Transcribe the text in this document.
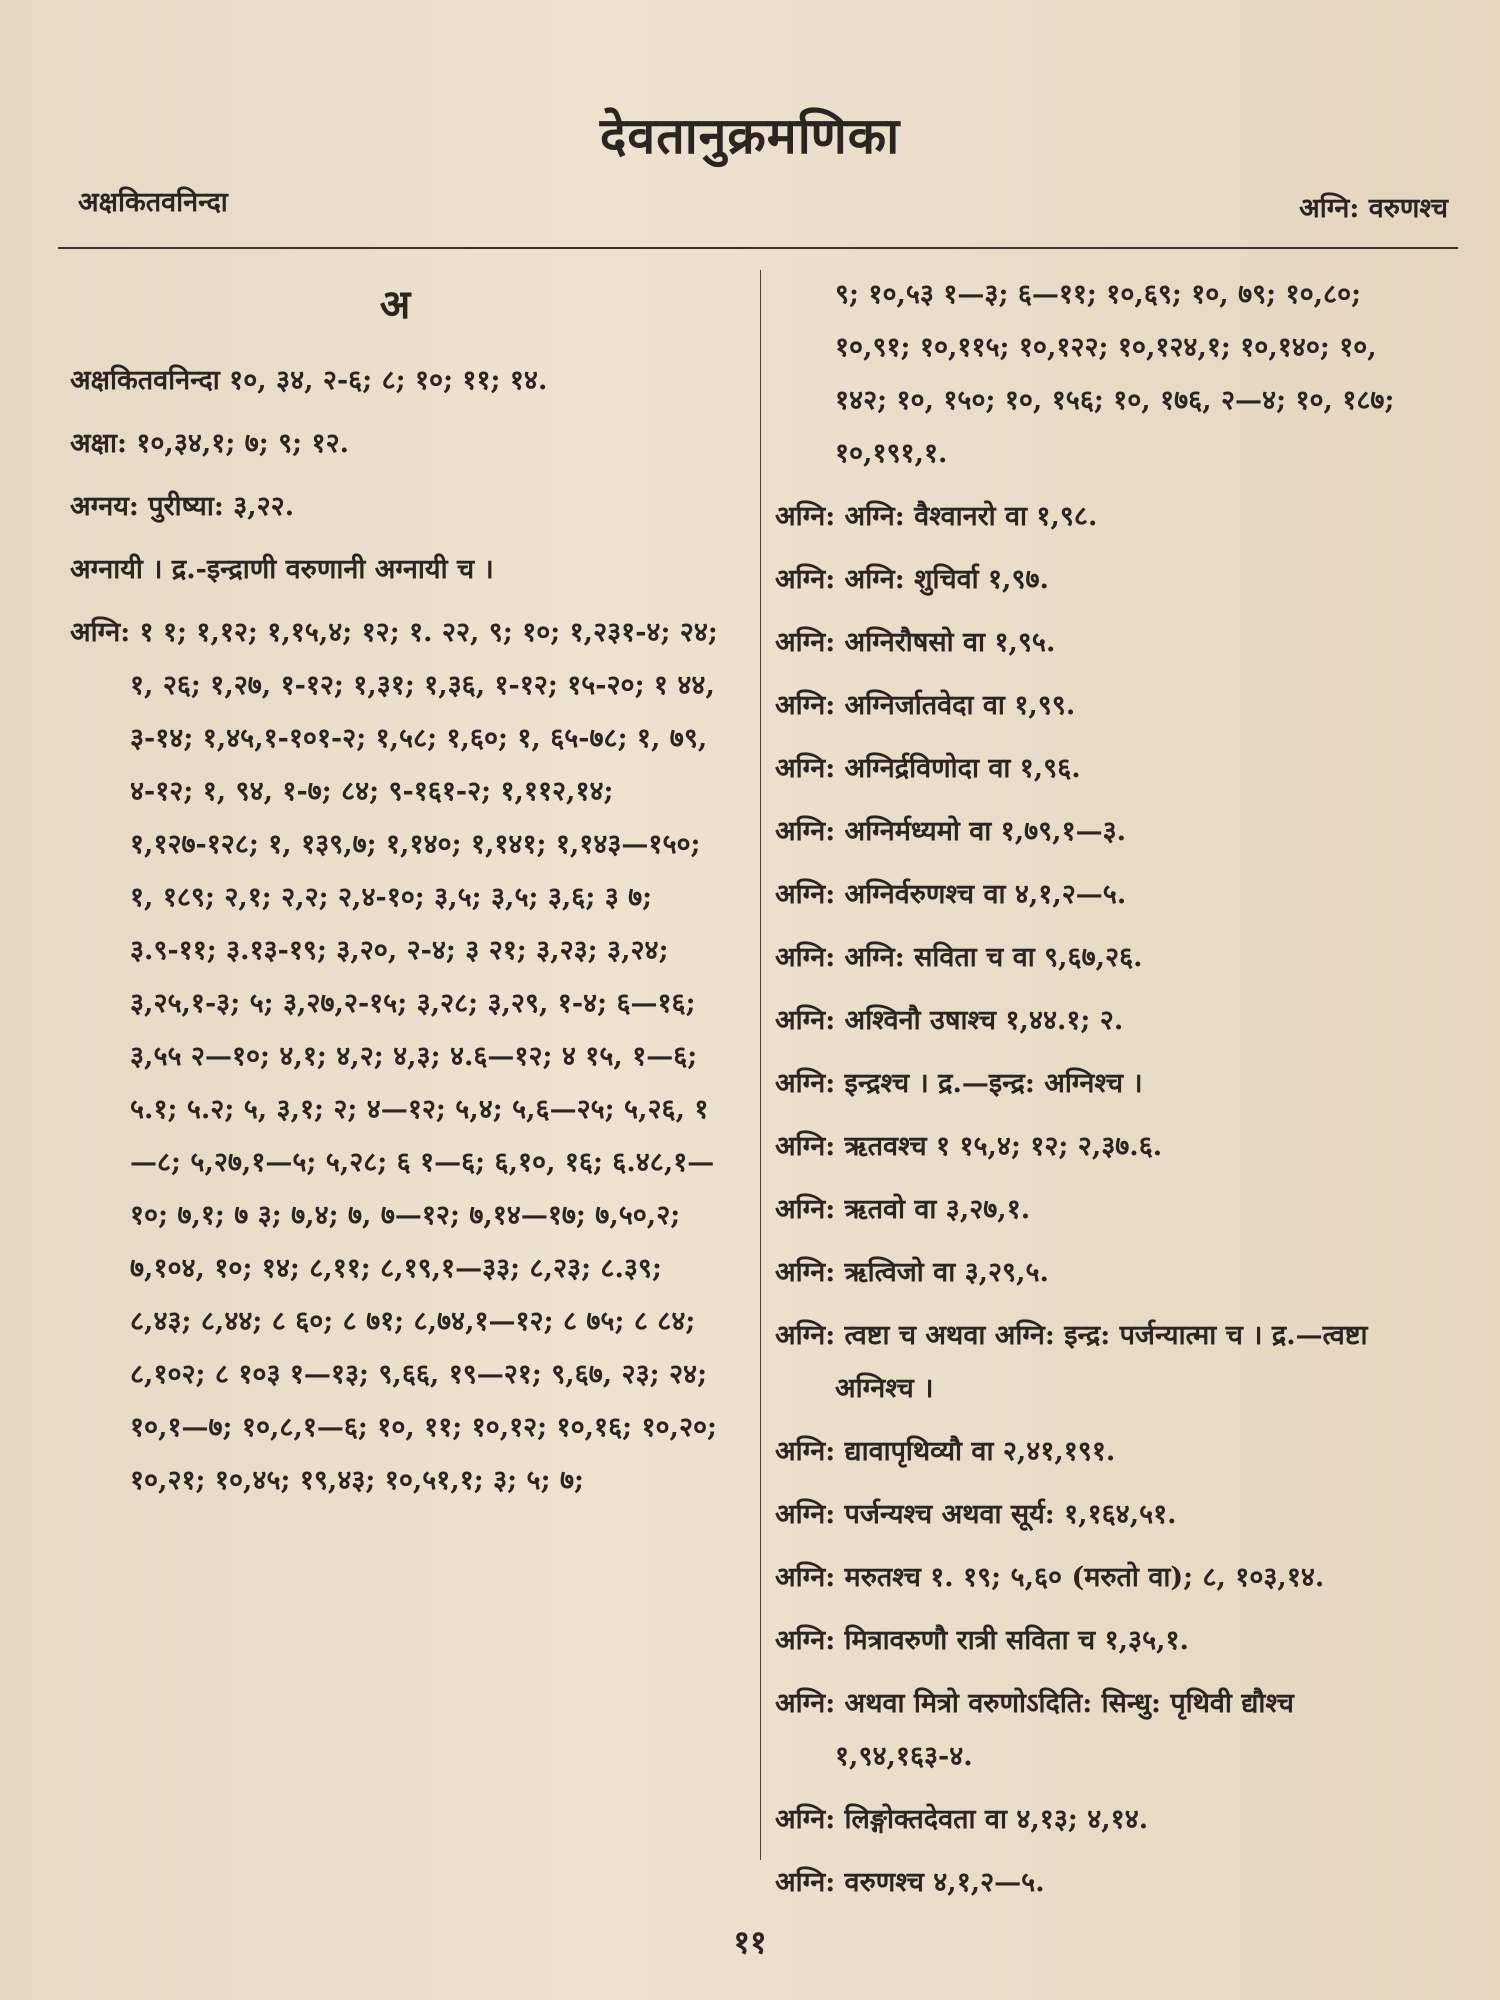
देवतानुक्रमणिका
अक्षकितवनिन्दा	अग्नि: वरुणश्च
अ

अक्षकितवनिन्दा १०, ३४, २-६; ८; १०; ११; १४.

अक्षा: १०,३४,१; ७; ९; १२.

अग्नय: पुरीष्या: ३,२२.

अग्नायी । द्र.-इन्द्राणी वरुणानी अग्नायी च ।

अग्नि: १ १; १,१२; १,१५,४; १२; १. २२, ९; १०; १,२३१-४; २४; १, २६; १,२७, १-१२; १,३१; १,३६, १-१२; १५-२०; १ ४४, ३-१४; १,४५,१-१०१-२; १,५८; १,६०; १, ६५-७८; १, ७९, ४-१२; १, ९४, १-७; ८४; ९-१६१-२; १,११२,१४; १,१२७-१२८; १, १३९,७; १,१४०; १,१४१; १,१४३—१५०; १, १८९; २,१; २,२; २,४-१०; ३,५; ३,५; ३,६; ३ ७; ३.९-११; ३.१३-१९; ३,२०, २-४; ३ २१; ३,२३; ३,२४; ३,२५,१-३; ५; ३,२७,२-१५; ३,२८; ३,२९, १-४; ६—१६; ३,५५ २—१०; ४,१; ४,२; ४,३; ४.६—१२; ४ १५, १—६; ५.१; ५.२; ५, ३,१; २; ४—१२; ५,४; ५,६—२५; ५,२६, १—८; ५,२७,१—५; ५,२८; ६ १—६; ६,१०, १६; ६.४८,१—१०; ७,१; ७ ३; ७,४; ७, ७—१२; ७,१४—१७; ७,५०,२; ७,१०४, १०; १४; ८,११; ८,१९,१—३३; ८,२३; ८.३९; ८,४३; ८,४४; ८ ६०; ८ ७१; ८,७४,१—१२; ८ ७५; ८ ८४; ८,१०२; ८ १०३ १—१३; ९,६६, १९—२१; ९,६७, २३; २४; १०,१—७; १०,८,१—६; १०, ११; १०,१२; १०,१६; १०,२०; १०,२१; १०,४५; १९,४३; १०,५१,१; ३; ५; ७;

९; १०,५३ १—३; ६—११; १०,६९; १०, ७९; १०,८०; १०,९१; १०,११५; १०,१२२; १०,१२४,१; १०,१४०; १०, १४२; १०, १५०; १०, १५६; १०, १७६, २—४; १०, १८७; १०,१९१,१.

अग्नि: अग्नि: वैश्वानरो वा १,९८.

अग्नि: अग्नि: शुचिर्वा १,९७.

अग्नि: अग्निरौषसो वा १,९५.

अग्नि: अग्निर्जातवेदा वा १,९९.

अग्नि: अग्निर्द्रविणोदा वा १,९६.

अग्नि: अग्निर्मध्यमो वा १,७९,१—३.

अग्नि: अग्निर्वरुणश्च वा ४,१,२—५.

अग्नि: अग्नि: सविता च वा ९,६७,२६.

अग्नि: अश्विनौ उषाश्च १,४४.१; २.

अग्नि: इन्द्रश्च । द्र.—इन्द्र: अग्निश्च ।

अग्नि: ऋतवश्च १ १५,४; १२; २,३७.६.

अग्नि: ऋतवो वा ३,२७,१.

अग्नि: ऋत्विजो वा ३,२९,५.

अग्नि: त्वष्टा च अथवा अग्नि: इन्द्र: पर्जन्यात्मा च । द्र.—त्वष्टा अग्निश्च ।

अग्नि: द्यावापृथिव्यौ वा २,४१,१९१.

अग्नि: पर्जन्यश्च अथवा सूर्य: १,१६४,५१.

अग्नि: मरुतश्च १. १९; ५,६० (मरुतो वा); ८, १०३,१४.

अग्नि: मित्रावरुणौ रात्री सविता च १,३५,१.

अग्नि: अथवा मित्रो वरुणोऽदिति: सिन्धु: पृथिवी द्यौश्च १,९४,१६३-४.

अग्नि: लिङ्गोक्तदेवता वा ४,१३; ४,१४.

अग्नि: वरुणश्च ४,१,२—५.

११
